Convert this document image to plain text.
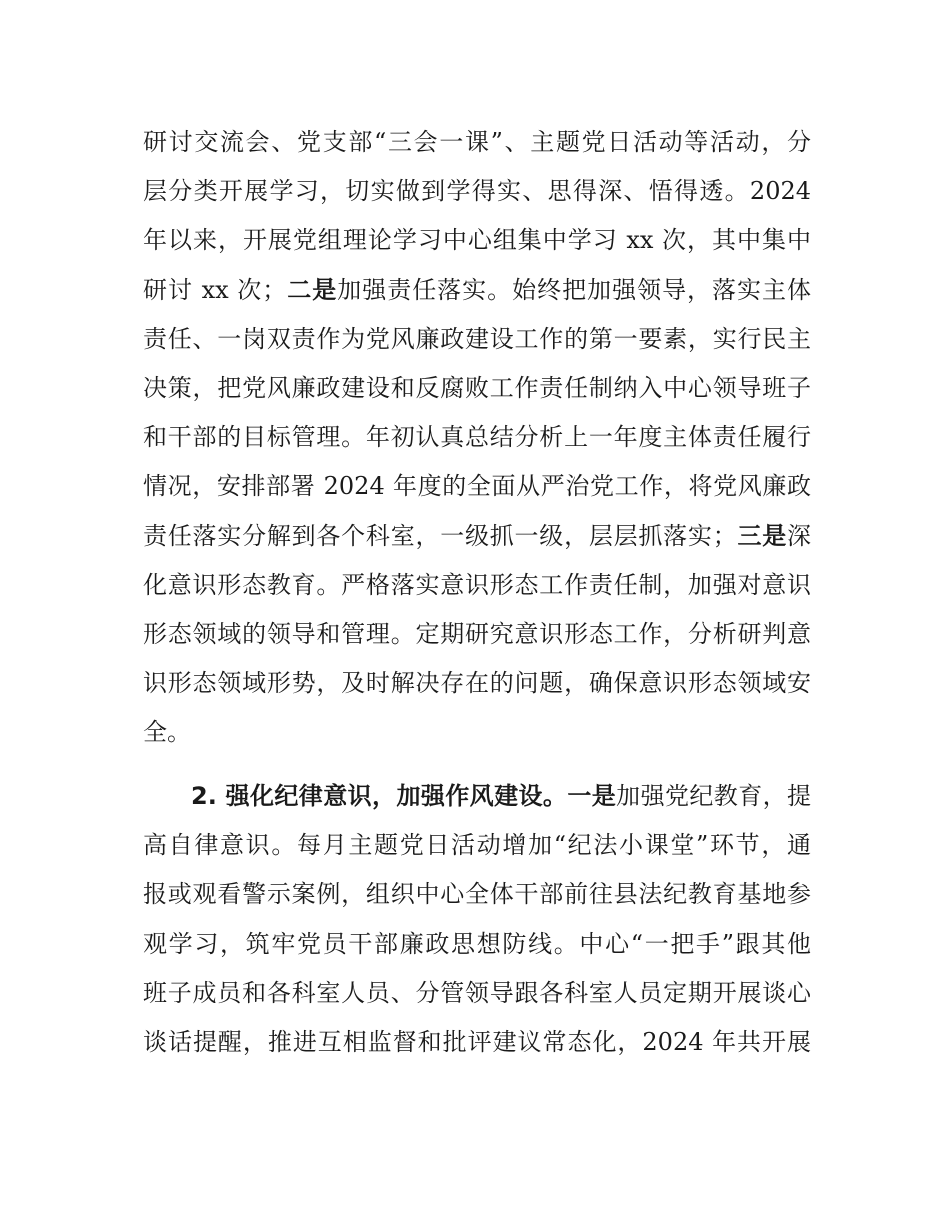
研讨交流会、党支部“三会一课”、主题党日活动等活动，分
层分类开展学习，切实做到学得实、思得深、悟得透。2024
年以来，开展党组理论学习中心组集中学习 xx 次，其中集中
研讨 xx 次；二是加强责任落实。始终把加强领导，落实主体
责任、一岗双责作为党风廉政建设工作的第一要素，实行民主
决策，把党风廉政建设和反腐败工作责任制纳入中心领导班子
和干部的目标管理。年初认真总结分析上一年度主体责任履行
情况，安排部署 2024 年度的全面从严治党工作，将党风廉政
责任落实分解到各个科室，一级抓一级，层层抓落实；三是深
化意识形态教育。严格落实意识形态工作责任制，加强对意识
形态领域的领导和管理。定期研究意识形态工作，分析研判意
识形态领域形势，及时解决存在的问题，确保意识形态领域安
全。
2. 强化纪律意识，加强作风建设。一是加强党纪教育，提
高自律意识。每月主题党日活动增加“纪法小课堂”环节，通
报或观看警示案例，组织中心全体干部前往县法纪教育基地参
观学习，筑牢党员干部廉政思想防线。中心“一把手”跟其他
班子成员和各科室人员、分管领导跟各科室人员定期开展谈心
谈话提醒，推进互相监督和批评建议常态化，2024 年共开展
